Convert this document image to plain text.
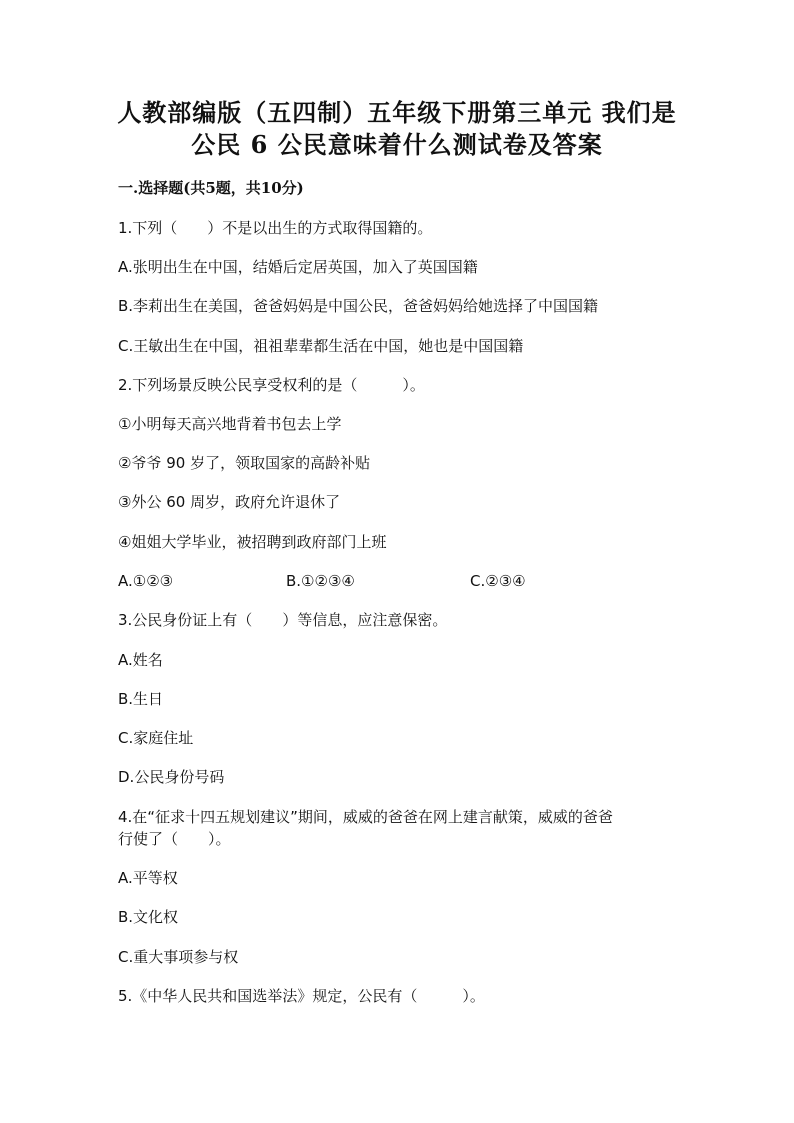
人教部编版（五四制）五年级下册第三单元 我们是
公民 6 公民意味着什么测试卷及答案
一.选择题(共5题，共10分)
1.下列（　　）不是以出生的方式取得国籍的。
A.张明出生在中国，结婚后定居英国，加入了英国国籍
B.李莉出生在美国，爸爸妈妈是中国公民，爸爸妈妈给她选择了中国国籍
C.王敏出生在中国，祖祖辈辈都生活在中国，她也是中国国籍
2.下列场景反映公民享受权利的是（　　　）。
①小明每天高兴地背着书包去上学
②爷爷 90 岁了，领取国家的高龄补贴
③外公 60 周岁，政府允许退休了
④姐姐大学毕业，被招聘到政府部门上班
A.①②③	B.①②③④	C.②③④
3.公民身份证上有（　　）等信息，应注意保密。
A.姓名
B.生日
C.家庭住址
D.公民身份号码
4.在“征求十四五规划建议”期间，威威的爸爸在网上建言献策，威威的爸爸
行使了（　　）。
A.平等权
B.文化权
C.重大事项参与权
5.《中华人民共和国选举法》规定，公民有（　　　）。
